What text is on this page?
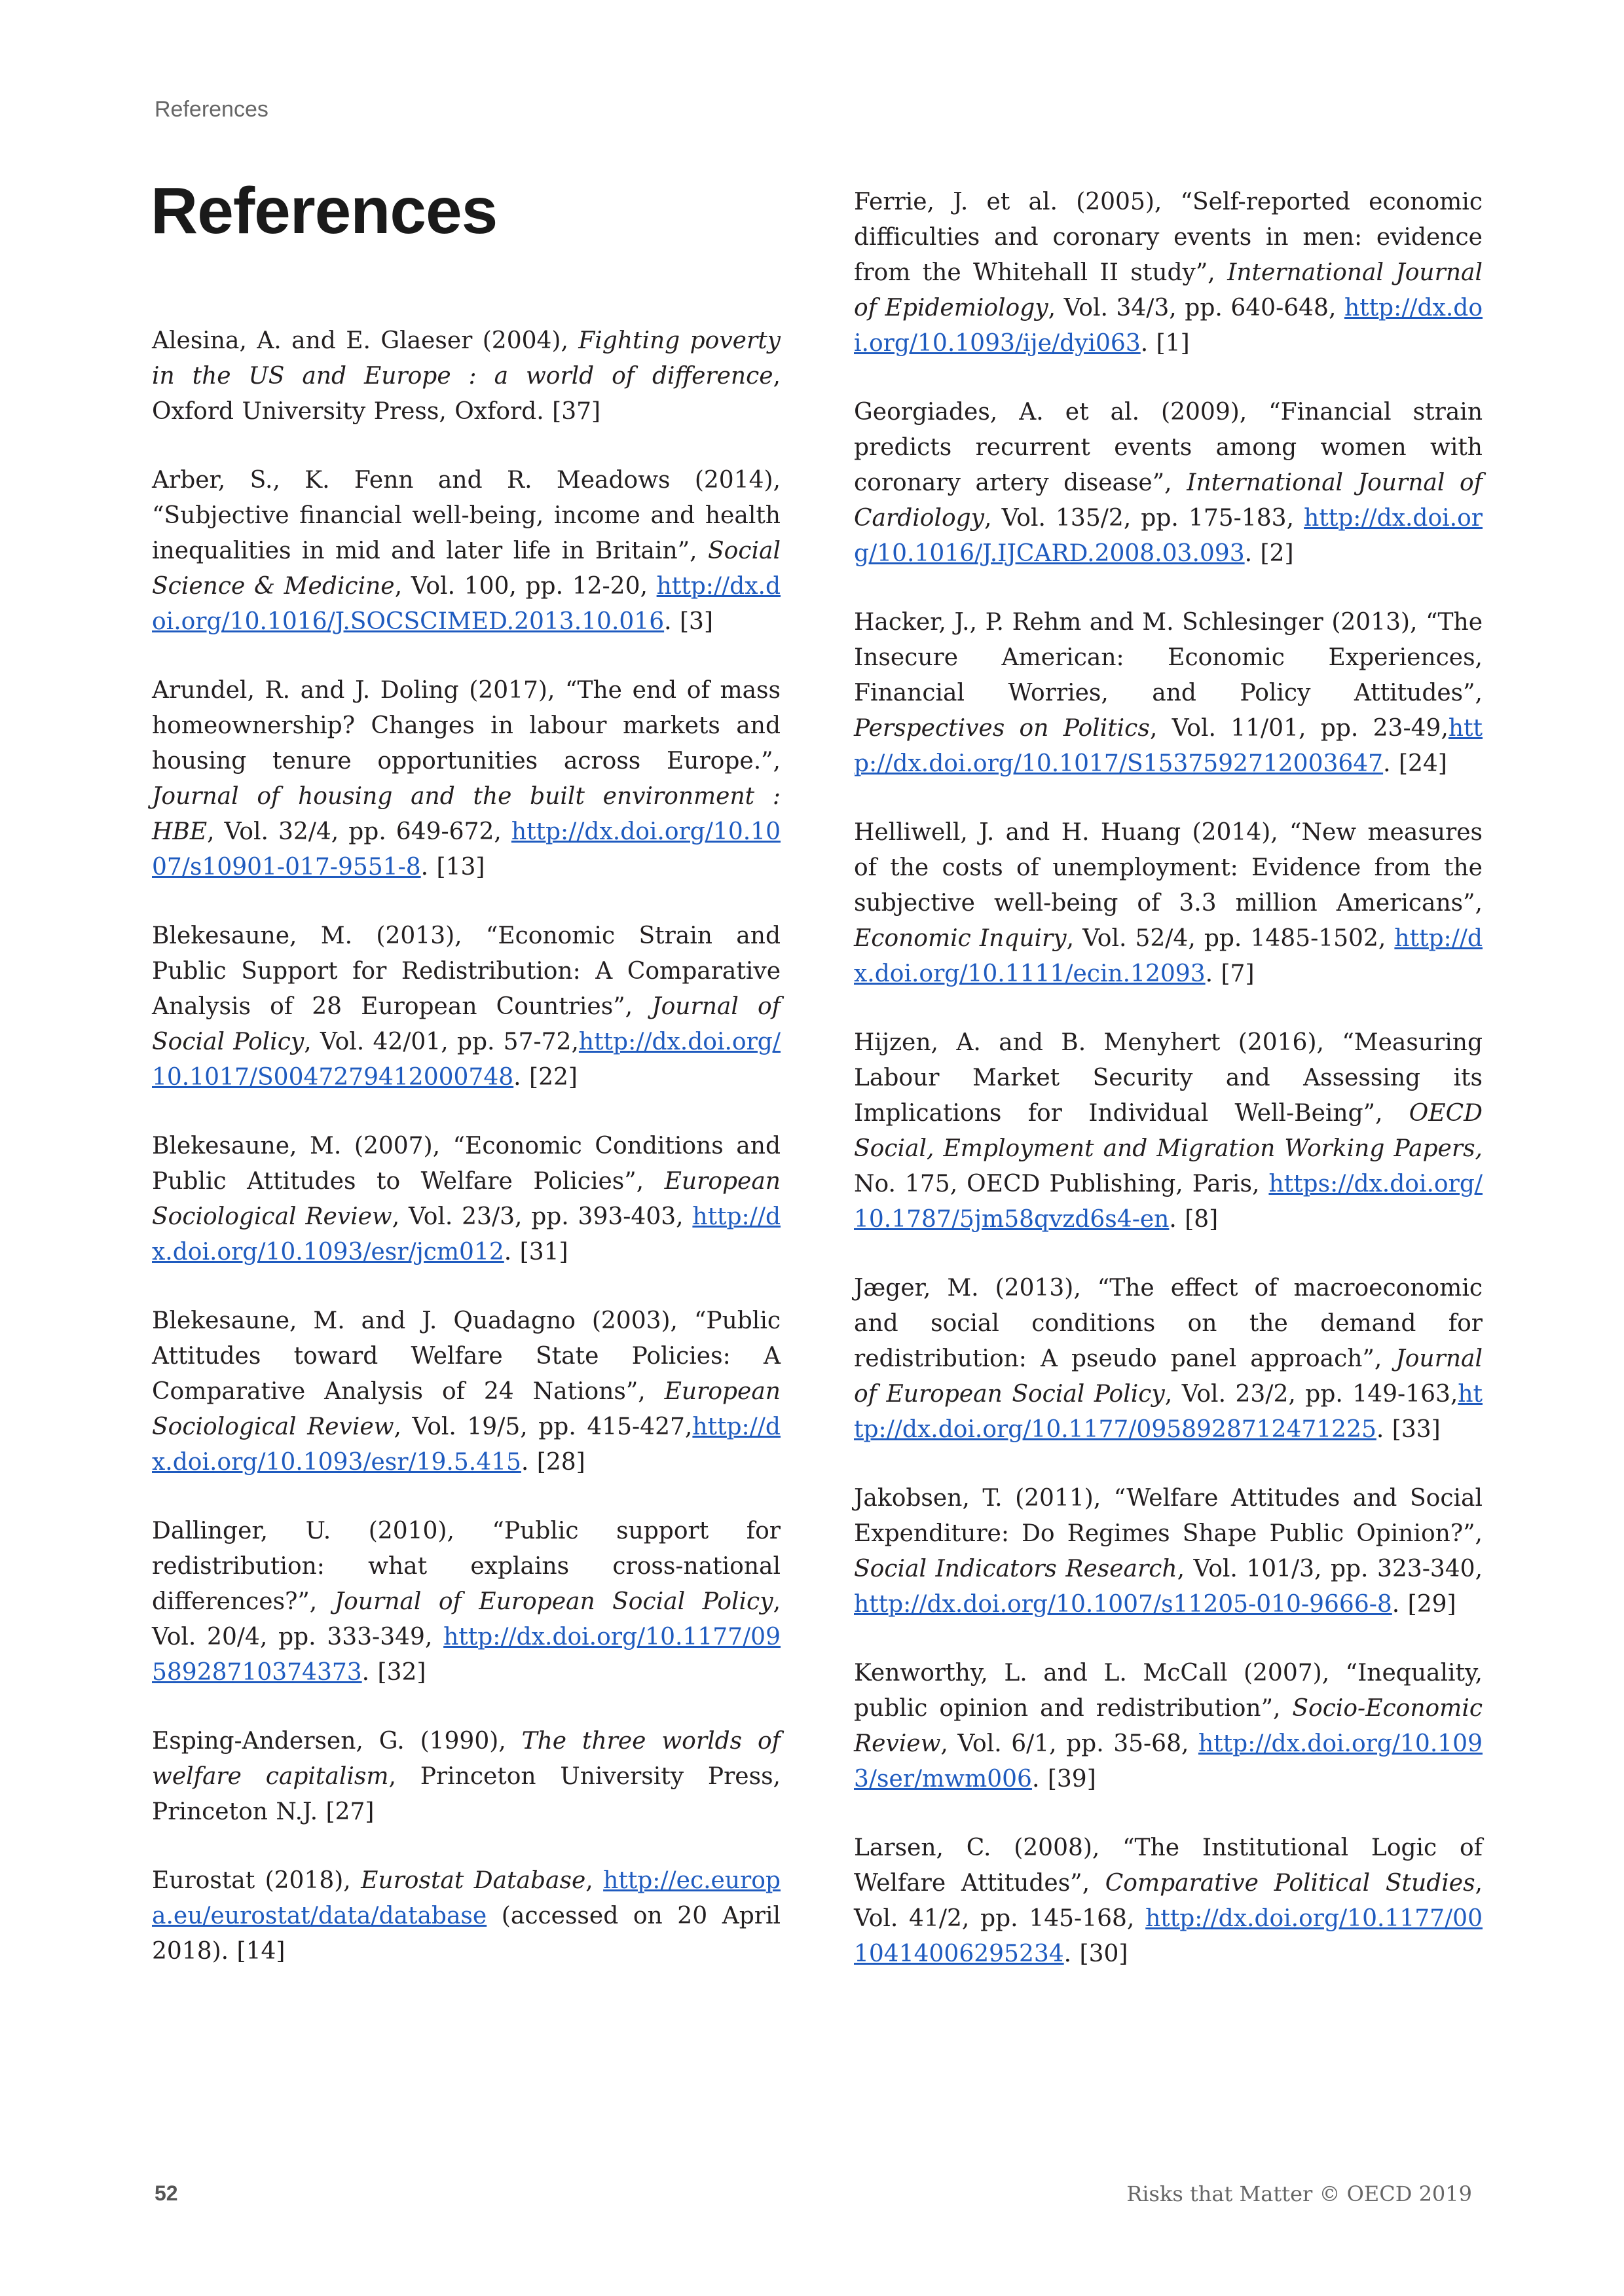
References
References

Alesina, A. and E. Glaeser (2004), Fighting poverty in the US and Europe : a world of difference, Oxford University Press, Oxford. [37]

Arber, S., K. Fenn and R. Meadows (2014), “Subjective financial well-being, income and health inequalities in mid and later life in Britain”, Social Science & Medicine, Vol. 100, pp. 12-20, http://dx.doi.org/10.1016/J.SOCSCIMED.2013.10.016. [3]

Arundel, R. and J. Doling (2017), “The end of mass homeownership? Changes in labour markets and housing tenure opportunities across Europe.”, Journal of housing and the built environment : HBE, Vol. 32/4, pp. 649-672, http://dx.doi.org/10.1007/s10901-017-9551-8. [13]

Blekesaune, M. (2013), “Economic Strain and Public Support for Redistribution: A Comparative Analysis of 28 European Countries”, Journal of Social Policy, Vol. 42/01, pp. 57-72,http://dx.doi.org/10.1017/S0047279412000748. [22]

Blekesaune, M. (2007), “Economic Conditions and Public Attitudes to Welfare Policies”, European Sociological Review, Vol. 23/3, pp. 393-403, http://dx.doi.org/10.1093/esr/jcm012. [31]

Blekesaune, M. and J. Quadagno (2003), “Public Attitudes toward Welfare State Policies: A Comparative Analysis of 24 Nations”, European Sociological Review, Vol. 19/5, pp. 415-427,http://dx.doi.org/10.1093/esr/19.5.415. [28]

Dallinger, U. (2010), “Public support for redistribution: what explains cross-national differences?”, Journal of European Social Policy, Vol. 20/4, pp. 333-349, http://dx.doi.org/10.1177/0958928710374373. [32]

Esping-Andersen, G. (1990), The three worlds of welfare capitalism, Princeton University Press, Princeton N.J. [27]

Eurostat (2018), Eurostat Database, http://ec.europa.eu/eurostat/data/database (accessed on 20 April 2018). [14]

Ferrie, J. et al. (2005), “Self-reported economic difficulties and coronary events in men: evidence from the Whitehall II study”, International Journal of Epidemiology, Vol. 34/3, pp. 640-648, http://dx.doi.org/10.1093/ije/dyi063. [1]

Georgiades, A. et al. (2009), “Financial strain predicts recurrent events among women with coronary artery disease”, International Journal of Cardiology, Vol. 135/2, pp. 175-183, http://dx.doi.org/10.1016/J.IJCARD.2008.03.093. [2]

Hacker, J., P. Rehm and M. Schlesinger (2013), “The Insecure American: Economic Experiences, Financial Worries, and Policy Attitudes”, Perspectives on Politics, Vol. 11/01, pp. 23-49,http://dx.doi.org/10.1017/S1537592712003647. [24]

Helliwell, J. and H. Huang (2014), “New measures of the costs of unemployment: Evidence from the subjective well-being of 3.3 million Americans”, Economic Inquiry, Vol. 52/4, pp. 1485-1502, http://dx.doi.org/10.1111/ecin.12093. [7]

Hijzen, A. and B. Menyhert (2016), “Measuring Labour Market Security and Assessing its Implications for Individual Well-Being”, OECD Social, Employment and Migration Working Papers, No. 175, OECD Publishing, Paris, https://dx.doi.org/10.1787/5jm58qvzd6s4-en. [8]

Jæger, M. (2013), “The effect of macroeconomic and social conditions on the demand for redistribution: A pseudo panel approach”, Journal of European Social Policy, Vol. 23/2, pp. 149-163,http://dx.doi.org/10.1177/0958928712471225. [33]

Jakobsen, T. (2011), “Welfare Attitudes and Social Expenditure: Do Regimes Shape Public Opinion?”, Social Indicators Research, Vol. 101/3, pp. 323-340, http://dx.doi.org/10.1007/s11205-010-9666-8. [29]

Kenworthy, L. and L. McCall (2007), “Inequality, public opinion and redistribution”, Socio-Economic Review, Vol. 6/1, pp. 35-68, http://dx.doi.org/10.1093/ser/mwm006. [39]

Larsen, C. (2008), “The Institutional Logic of Welfare Attitudes”, Comparative Political Studies, Vol. 41/2, pp. 145-168, http://dx.doi.org/10.1177/0010414006295234. [30]

52	Risks that Matter © OECD 2019
